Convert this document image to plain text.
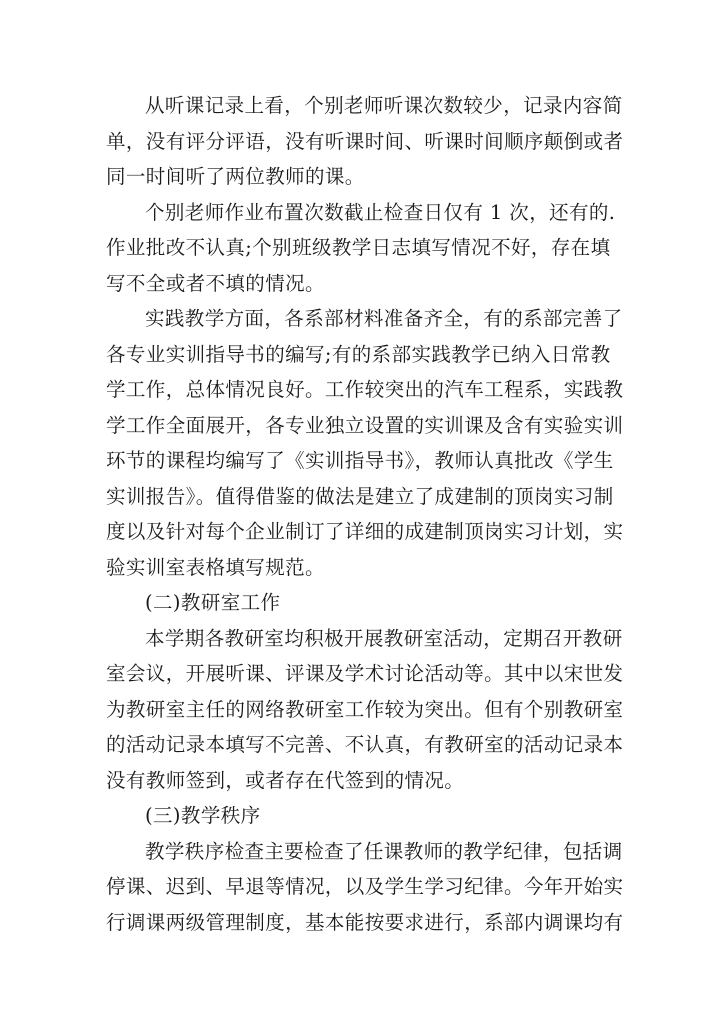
从听课记录上看，个别老师听课次数较少，记录内容简
单，没有评分评语，没有听课时间、听课时间顺序颠倒或者
同一时间听了两位教师的课。

个别老师作业布置次数截止检查日仅有 1 次，还有的.
作业批改不认真;个别班级教学日志填写情况不好，存在填
写不全或者不填的情况。

实践教学方面，各系部材料准备齐全，有的系部完善了
各专业实训指导书的编写;有的系部实践教学已纳入日常教
学工作，总体情况良好。工作较突出的汽车工程系，实践教
学工作全面展开，各专业独立设置的实训课及含有实验实训
环节的课程均编写了《实训指导书》，教师认真批改《学生
实训报告》。值得借鉴的做法是建立了成建制的顶岗实习制
度以及针对每个企业制订了详细的成建制顶岗实习计划，实
验实训室表格填写规范。

(二)教研室工作

本学期各教研室均积极开展教研室活动，定期召开教研
室会议，开展听课、评课及学术讨论活动等。其中以宋世发
为教研室主任的网络教研室工作较为突出。但有个别教研室
的活动记录本填写不完善、不认真，有教研室的活动记录本
没有教师签到，或者存在代签到的情况。

(三)教学秩序

教学秩序检查主要检查了任课教师的教学纪律，包括调
停课、迟到、早退等情况，以及学生学习纪律。今年开始实
行调课两级管理制度，基本能按要求进行，系部内调课均有
